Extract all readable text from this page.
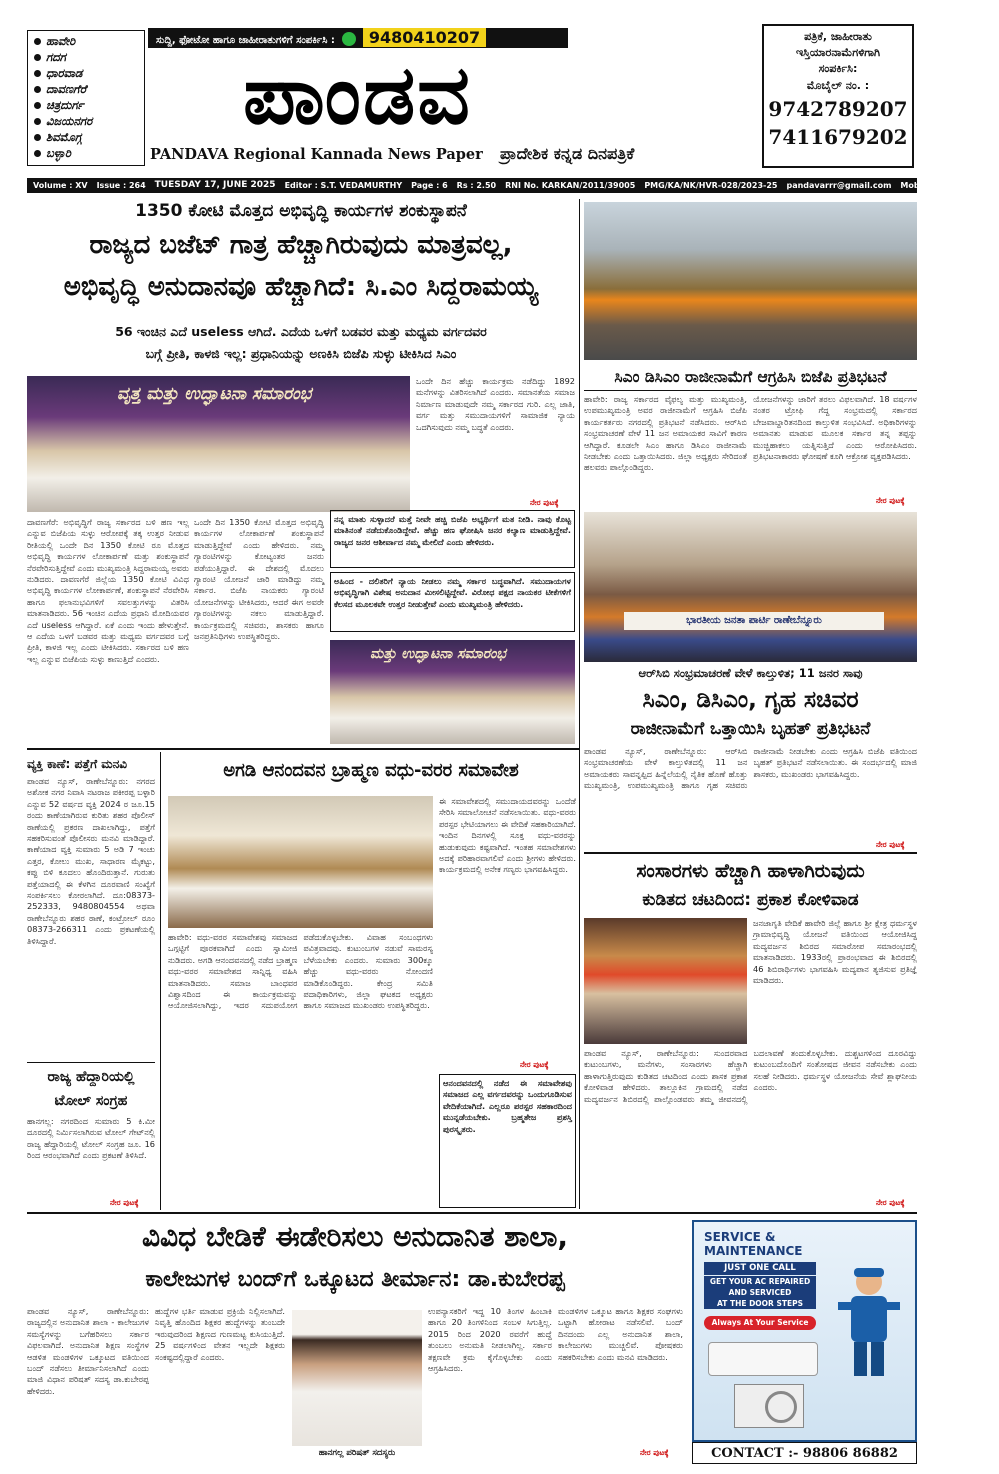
ಹಾವೇರಿ
ಗದಗ
ಧಾರವಾಡ
ದಾವಣಗೆರೆ
ಚಿತ್ರದುರ್ಗ
ವಿಜಯನಗರ
ಶಿವಮೊಗ್ಗ
ಬಳ್ಳಾರಿ
ಸುದ್ದಿ, ಫೋಟೋ ಹಾಗೂ ಜಾಹೀರಾತುಗಳಿಗೆ ಸಂಪರ್ಕಿಸಿ : 9480410207
ಪಾಂಡವ
PANDAVA Regional Kannada News Paper	ಪ್ರಾದೇಶಿಕ ಕನ್ನಡ ದಿನಪತ್ರಿಕೆ
ಪತ್ರಿಕೆ, ಜಾಹೀರಾತು
ಇಸ್ತಿಯಾರನಾಮೆಗಳಿಗಾಗಿ
ಸಂಪರ್ಕಿಸಿ:
ಮೊಬೈಲ್ ನಂ. :
9742789207
7411679202
Volume : XV Issue : 264 TUESDAY 17, JUNE 2025 Editor : S.T. VEDAMURTHY Page : 6 Rs : 2.50 RNI No. KARKAN/2011/39005 PMG/KA/NK/HVR-028/2023-25 pandavarrr@gmail.com Mob No.: 9742789207
1350 ಕೋಟಿ ಮೊತ್ತದ ಅಭಿವೃದ್ಧಿ ಕಾರ್ಯಗಳ ಶಂಕುಸ್ಥಾಪನೆ
ರಾಜ್ಯದ ಬಜೆಟ್ ಗಾತ್ರ ಹೆಚ್ಚಾಗಿರುವುದು ಮಾತ್ರವಲ್ಲ,
ಅಭಿವೃದ್ಧಿ ಅನುದಾನವೂ ಹೆಚ್ಚಾಗಿದೆ: ಸಿ.ಎಂ ಸಿದ್ದರಾಮಯ್ಯ
56 ಇಂಚಿನ ಎದೆ useless ಆಗಿದೆ. ಎದೆಯ ಒಳಗೆ ಬಡವರ ಮತ್ತು ಮಧ್ಯಮ ವರ್ಗದವರ
ಬಗ್ಗೆ ಪ್ರೀತಿ, ಕಾಳಜಿ ಇಲ್ಲ: ಪ್ರಧಾನಿಯನ್ನು ಅಣಕಿಸಿ ಬಿಜೆಪಿ ಸುಳ್ಳು ಟೀಕಿಸಿದ ಸಿಎಂ
ವೃತ್ತ ಮತ್ತು ಉದ್ಘಾಟನಾ ಸಮಾರಂಭ
ಒಂದೇ ದಿನ ಹೆಚ್ಚು ಕಾರ್ಯಕ್ರಮ ನಡೆದಿದ್ದು 1892 ಮನೆಗಳನ್ನು ವಿತರಿಸಲಾಗಿದೆ ಎಂದರು. ಸಮಾನತೆಯ ಸಮಾಜ ನಿರ್ಮಾಣ ಮಾಡುವುದೇ ನಮ್ಮ ಸರ್ಕಾರದ ಗುರಿ. ಎಲ್ಲ ಜಾತಿ, ವರ್ಗ ಮತ್ತು ಸಮುದಾಯಗಳಿಗೆ ಸಾಮಾಜಿಕ ನ್ಯಾಯ ಒದಗಿಸುವುದು ನಮ್ಮ ಬದ್ಧತೆ ಎಂದರು.
ನೇರ ಪುಟಕ್ಕೆ
ದಾವಣಗೆರೆ: ಅಭಿವೃದ್ಧಿಗೆ ರಾಜ್ಯ ಸರ್ಕಾರದ ಬಳಿ ಹಣ ಇಲ್ಲ ಎನ್ನುವ ಬಿಜೆಪಿಯ ಸುಳ್ಳು ಆರೋಪಕ್ಕೆ ತಕ್ಕ ಉತ್ತರ ನೀಡುವ ರೀತಿಯಲ್ಲಿ ಒಂದೇ ದಿನ 1350 ಕೋಟಿ ರೂ ಮೊತ್ತದ ಅಭಿವೃದ್ಧಿ ಕಾರ್ಯಗಳ ಲೋಕಾರ್ಪಣೆ ಮತ್ತು ಶಂಕುಸ್ಥಾಪನೆ ನೆರವೇರಿಸುತ್ತಿದ್ದೇವೆ ಎಂದು ಮುಖ್ಯಮಂತ್ರಿ ಸಿದ್ದರಾಮಯ್ಯ ಅವರು ನುಡಿದರು. ದಾವಣಗೆರೆ ಜಿಲ್ಲೆಯ 1350 ಕೋಟಿ ವಿವಿಧ ಅಭಿವೃದ್ಧಿ ಕಾರ್ಯಗಳ ಲೋಕಾರ್ಪಣೆ, ಶಂಕುಸ್ಥಾಪನೆ ನೆರವೇರಿಸಿ ಹಾಗೂ ಫಲಾನುಭವಿಗಳಿಗೆ ಸವಲತ್ತುಗಳನ್ನು ವಿತರಿಸಿ ಮಾತನಾಡಿದರು. 56 ಇಂಚಿನ ಎದೆಯ ಪ್ರಧಾನಿ ಮೋದಿಯವರ ಎದೆ useless ಆಗಿದ್ದಾರೆ. ಏಕೆ ಎಂದು ಇಂದು ಹೇಳುತ್ತೇನೆ. ಆ ಎದೆಯ ಒಳಗೆ ಬಡವರ ಮತ್ತು ಮಧ್ಯಮ ವರ್ಗದವರ ಬಗ್ಗೆ ಪ್ರೀತಿ, ಕಾಳಜಿ ಇಲ್ಲ ಎಂದು ಟೀಕಿಸಿದರು. ಸರ್ಕಾರದ ಬಳಿ ಹಣ ಇಲ್ಲ ಎನ್ನುವ ಬಿಜೆಪಿಯ ಸುಳ್ಳು ಕಾಣುತ್ತಿದೆ ಎಂದರು.
ಒಂದೇ ದಿನ 1350 ಕೋಟಿ ಮೊತ್ತದ ಅಭಿವೃದ್ಧಿ ಕಾರ್ಯಗಳ ಲೋಕಾರ್ಪಣೆ ಶಂಕುಸ್ಥಾಪನೆ ಮಾಡುತ್ತಿದ್ದೇವೆ ಎಂದು ಹೇಳಿದರು. ನಮ್ಮ ಗ್ಯಾರಂಟಿಗಳನ್ನು ಕೋಟ್ಯಂತರ ಜನರು ಪಡೆಯುತ್ತಿದ್ದಾರೆ. ಈ ದೇಶದಲ್ಲಿ ಮೊದಲು ಗ್ಯಾರಂಟಿ ಯೋಜನೆ ಜಾರಿ ಮಾಡಿದ್ದು ನಮ್ಮ ಸರ್ಕಾರ. ಬಿಜೆಪಿ ನಾಯಕರು ಗ್ಯಾರಂಟಿ ಯೋಜನೆಗಳನ್ನು ಟೀಕಿಸಿದರು, ಆದರೆ ಈಗ ಅವರೇ ಗ್ಯಾರಂಟಿಗಳನ್ನು ನಕಲು ಮಾಡುತ್ತಿದ್ದಾರೆ. ಕಾರ್ಯಕ್ರಮದಲ್ಲಿ ಸಚಿವರು, ಶಾಸಕರು ಹಾಗೂ ಜನಪ್ರತಿನಿಧಿಗಳು ಉಪಸ್ಥಿತರಿದ್ದರು.
ನನ್ನ ಮಾತು ಸುಳ್ಳಾದರೆ ಮತ್ತೆ ನೀವೇ ಹಚ್ಚಿ ಬಿಜೆಪಿ ಅಭ್ಯರ್ಥಿಗೆ ಮತ ನೀಡಿ. ನಾವು ಕೊಟ್ಟ ಮಾತಿನಂತೆ ನಡೆದುಕೊಂಡಿದ್ದೇವೆ. ಹೆಚ್ಚು ಹಣ ಘೋಷಿಸಿ ಜನರ ಕಲ್ಯಾಣ ಮಾಡುತ್ತಿದ್ದೇವೆ. ರಾಜ್ಯದ ಜನರ ಆಶೀರ್ವಾದ ನಮ್ಮ ಮೇಲಿದೆ ಎಂದು ಹೇಳಿದರು.
ಅಹಿಂದ - ದಲಿತರಿಗೆ ನ್ಯಾಯ ನೀಡಲು ನಮ್ಮ ಸರ್ಕಾರ ಬದ್ಧವಾಗಿದೆ. ಸಮುದಾಯಗಳ ಅಭಿವೃದ್ಧಿಗಾಗಿ ವಿಶೇಷ ಅನುದಾನ ಮೀಸಲಿಟ್ಟಿದ್ದೇವೆ. ವಿರೋಧ ಪಕ್ಷದ ನಾಯಕರ ಟೀಕೆಗಳಿಗೆ ಕೆಲಸದ ಮೂಲಕವೇ ಉತ್ತರ ನೀಡುತ್ತೇವೆ ಎಂದು ಮುಖ್ಯಮಂತ್ರಿ ಹೇಳಿದರು.
ಮತ್ತು ಉದ್ಘಾಟನಾ ಸಮಾರಂಭ
ಸಿಎಂ ಡಿಸಿಎಂ ರಾಜೀನಾಮೆಗೆ ಆಗ್ರಹಿಸಿ ಬಿಜೆಪಿ ಪ್ರತಿಭಟನೆ
ಹಾವೇರಿ: ರಾಜ್ಯ ಸರ್ಕಾರದ ವೈಫಲ್ಯ ಮತ್ತು ಮುಖ್ಯಮಂತ್ರಿ, ಉಪಮುಖ್ಯಮಂತ್ರಿ ಅವರ ರಾಜೀನಾಮೆಗೆ ಆಗ್ರಹಿಸಿ ಬಿಜೆಪಿ ಕಾರ್ಯಕರ್ತರು ನಗರದಲ್ಲಿ ಪ್ರತಿಭಟನೆ ನಡೆಸಿದರು. ಆರ್‌ಸಿಬಿ ಸಂಭ್ರಮಾಚರಣೆ ವೇಳೆ 11 ಜನ ಅಮಾಯಕರ ಸಾವಿಗೆ ಕಾರಣ ಆಗಿದ್ದಾರೆ. ಕೂಡಲೇ ಸಿಎಂ ಹಾಗೂ ಡಿಸಿಎಂ ರಾಜೀನಾಮೆ ನೀಡಬೇಕು ಎಂದು ಒತ್ತಾಯಿಸಿದರು. ಜಿಲ್ಲಾ ಅಧ್ಯಕ್ಷರು ಸೇರಿದಂತೆ ಹಲವರು ಪಾಲ್ಗೊಂಡಿದ್ದರು.
ಯೋಜನೆಗಳನ್ನು ಜಾರಿಗೆ ತರಲು ವಿಫಲವಾಗಿದೆ. 18 ವರ್ಷಗಳ ನಂತರ ಟ್ರೋಫಿ ಗೆದ್ದ ಸಂಭ್ರಮದಲ್ಲಿ ಸರ್ಕಾರದ ಬೇಜವಾಬ್ದಾರಿತನದಿಂದ ಕಾಲ್ತುಳಿತ ಸಂಭವಿಸಿದೆ. ಅಧಿಕಾರಿಗಳನ್ನು ಅಮಾನತು ಮಾಡುವ ಮೂಲಕ ಸರ್ಕಾರ ತನ್ನ ತಪ್ಪನ್ನು ಮುಚ್ಚಿಹಾಕಲು ಯತ್ನಿಸುತ್ತಿದೆ ಎಂದು ಆರೋಪಿಸಿದರು. ಪ್ರತಿಭಟನಾಕಾರರು ಘೋಷಣೆ ಕೂಗಿ ಆಕ್ರೋಶ ವ್ಯಕ್ತಪಡಿಸಿದರು.
ನೇರ ಪುಟಕ್ಕೆ
ಭಾರತೀಯ ಜನತಾ ಪಾರ್ಟಿ ರಾಣೇಬೆನ್ನೂರು
ಆರ್‌ಸಿಬಿ ಸಂಭ್ರಮಾಚರಣೆ ವೇಳೆ ಕಾಲ್ತುಳಿತ; 11 ಜನರ ಸಾವು
ಸಿಎಂ, ಡಿಸಿಎಂ, ಗೃಹ ಸಚಿವರ
ರಾಜೀನಾಮೆಗೆ ಒತ್ತಾಯಿಸಿ ಬೃಹತ್ ಪ್ರತಿಭಟನೆ
ಪಾಂಡವ ನ್ಯೂಸ್, ರಾಣೇಬೆನ್ನೂರು: ಆರ್‌ಸಿಬಿ ಸಂಭ್ರಮಾಚರಣೆಯ ವೇಳೆ ಕಾಲ್ತುಳಿತದಲ್ಲಿ 11 ಜನ ಅಮಾಯಕರು ಸಾವನ್ನಪ್ಪಿದ ಹಿನ್ನೆಲೆಯಲ್ಲಿ ನೈತಿಕ ಹೊಣೆ ಹೊತ್ತು ಮುಖ್ಯಮಂತ್ರಿ, ಉಪಮುಖ್ಯಮಂತ್ರಿ ಹಾಗೂ ಗೃಹ ಸಚಿವರು ರಾಜೀನಾಮೆ ನೀಡಬೇಕು ಎಂದು ಆಗ್ರಹಿಸಿ ಬಿಜೆಪಿ ವತಿಯಿಂದ ಬೃಹತ್ ಪ್ರತಿಭಟನೆ ನಡೆಸಲಾಯಿತು. ಈ ಸಂದರ್ಭದಲ್ಲಿ ಮಾಜಿ ಶಾಸಕರು, ಮುಖಂಡರು ಭಾಗವಹಿಸಿದ್ದರು.
ನೇರ ಪುಟಕ್ಕೆ
ವ್ಯಕ್ತಿ ಕಾಣೆ: ಪತ್ತೆಗೆ ಮನವಿ
ಪಾಂಡವ ನ್ಯೂಸ್, ರಾಣೇಬೆನ್ನೂರು: ನಗರದ ಅಶೋಕ ನಗರ ನಿವಾಸಿ ನಟರಾಜ ಪಕೀರಪ್ಪ ಬಳ್ಳಾರಿ ಎನ್ನುವ 52 ವರ್ಷದ ವ್ಯಕ್ತಿ 2024 ರ ಜೂ.15 ರಂದು ಕಾಣೆಯಾಗಿರುವ ಕುರಿತು ಶಹರ ಪೊಲೀಸ್ ಠಾಣೆಯಲ್ಲಿ ಪ್ರಕರಣ ದಾಖಲಾಗಿದ್ದು, ಪತ್ತೆಗೆ ಸಹಕರಿಸುವಂತೆ ಪೊಲೀಸರು ಮನವಿ ಮಾಡಿದ್ದಾರೆ. ಕಾಣೆಯಾದ ವ್ಯಕ್ತಿ ಸುಮಾರು 5 ಅಡಿ 7 ಇಂಚು ಎತ್ತರ, ಕೋಲು ಮುಖ, ಸಾಧಾರಣ ಮೈಕಟ್ಟು, ಕಪ್ಪು ಬಿಳಿ ಕೂದಲು ಹೊಂದಿರುತ್ತಾನೆ. ಗುರುತು ಪತ್ತೆಯಾದಲ್ಲಿ ಈ ಕೆಳಗಿನ ದೂರವಾಣಿ ಸಂಖ್ಯೆಗೆ ಸಂಪರ್ಕಿಸಲು ಕೋರಲಾಗಿದೆ. ದೂ:08373-252333, 9480804554 ಅಥವಾ ರಾಣೇಬೆನ್ನೂರು ಶಹರ ಠಾಣೆ, ಕಂಟ್ರೋಲ್ ರೂಂ 08373-266311 ಎಂದು ಪ್ರಕಟಣೆಯಲ್ಲಿ ತಿಳಿಸಿದ್ದಾರೆ.
ರಾಜ್ಯ ಹೆದ್ದಾರಿಯಲ್ಲಿ
ಟೋಲ್ ಸಂಗ್ರಹ
ಹಾನಗಲ್ಲ: ನಗರದಿಂದ ಸುಮಾರು 5 ಕಿ.ಮೀ ದೂರದಲ್ಲಿ ನಿರ್ಮಿಸಲಾಗಿರುವ ಟೋಲ್ ಗೇಟ್‌ನಲ್ಲಿ ರಾಜ್ಯ ಹೆದ್ದಾರಿಯಲ್ಲಿ ಟೋಲ್ ಸಂಗ್ರಹ ಜೂ. 16 ರಿಂದ ಆರಂಭವಾಗಿದೆ ಎಂದು ಪ್ರಕಟಣೆ ತಿಳಿಸಿದೆ.
ನೇರ ಪುಟಕ್ಕೆ
ಅಗಡಿ ಆನಂದವನ ಬ್ರಾಹ್ಮಣ ವಧು-ವರರ ಸಮಾವೇಶ
ಈ ಸಮಾವೇಶದಲ್ಲಿ ಸಮುದಾಯದವರನ್ನು ಒಂದೆಡೆ ಸೇರಿಸಿ ಸಮಾಲೋಚನೆ ನಡೆಸಲಾಯಿತು. ವಧು-ವರರು ಪರಸ್ಪರ ಭೇಟಿಯಾಗಲು ಈ ವೇದಿಕೆ ಸಹಕಾರಿಯಾಗಿದೆ. ಇಂದಿನ ದಿನಗಳಲ್ಲಿ ಸೂಕ್ತ ವಧು-ವರರನ್ನು ಹುಡುಕುವುದು ಕಷ್ಟವಾಗಿದೆ. ಇಂತಹ ಸಮಾವೇಶಗಳು ಅದಕ್ಕೆ ಪರಿಹಾರವಾಗಲಿವೆ ಎಂದು ಶ್ರೀಗಳು ಹೇಳಿದರು. ಕಾರ್ಯಕ್ರಮದಲ್ಲಿ ಅನೇಕ ಗಣ್ಯರು ಭಾಗವಹಿಸಿದ್ದರು.
ಹಾವೇರಿ: ವಧು-ವರರ ಸಮಾವೇಶವು ಸಮಾಜದ ಒಗ್ಗಟ್ಟಿಗೆ ಪೂರಕವಾಗಿದೆ ಎಂದು ಸ್ವಾಮೀಜಿ ನುಡಿದರು. ಅಗಡಿ ಆನಂದವನದಲ್ಲಿ ನಡೆದ ಬ್ರಾಹ್ಮಣ ವಧು-ವರರ ಸಮಾವೇಶದ ಸಾನ್ನಿಧ್ಯ ವಹಿಸಿ ಮಾತನಾಡಿದರು. ಸಮಾಜ ಬಾಂಧವರ ವಿಶ್ವಾಸದಿಂದ ಈ ಕಾರ್ಯಕ್ರಮವನ್ನು ಆಯೋಜಿಸಲಾಗಿದ್ದು, ಇದರ ಸದುಪಯೋಗ ಪಡೆದುಕೊಳ್ಳಬೇಕು. ವಿವಾಹ ಸಂಬಂಧಗಳು ಪವಿತ್ರವಾದವು. ಕುಟುಂಬಗಳ ನಡುವೆ ಸಾಮರಸ್ಯ ಬೆಳೆಯಬೇಕು ಎಂದರು. ಸುಮಾರು 300ಕ್ಕೂ ಹೆಚ್ಚು ವಧು-ವರರು ನೋಂದಣಿ ಮಾಡಿಕೊಂಡಿದ್ದರು. ಕೇಂದ್ರ ಸಮಿತಿ ಪದಾಧಿಕಾರಿಗಳು, ಜಿಲ್ಲಾ ಘಟಕದ ಅಧ್ಯಕ್ಷರು ಹಾಗೂ ಸಮಾಜದ ಮುಖಂಡರು ಉಪಸ್ಥಿತರಿದ್ದರು.
ಆನಂದವನದಲ್ಲಿ ನಡೆದ ಈ ಸಮಾವೇಶವು ಸಮಾಜದ ಎಲ್ಲ ವರ್ಗದವರನ್ನು ಒಂದುಗೂಡಿಸುವ ವೇದಿಕೆಯಾಗಿದೆ. ಎಲ್ಲರೂ ಪರಸ್ಪರ ಸಹಕಾರದಿಂದ ಮುನ್ನಡೆಯಬೇಕು. ಬ್ರಹ್ಮತೇಜ ಪ್ರಶಸ್ತಿ ಪುರಸ್ಕೃತರು.
ನೇರ ಪುಟಕ್ಕೆ
ಸಂಸಾರಗಳು ಹೆಚ್ಚಾಗಿ ಹಾಳಾಗಿರುವುದು
ಕುಡಿತದ ಚಟದಿಂದ: ಪ್ರಕಾಶ ಕೋಳಿವಾಡ
ಜನಜಾಗೃತಿ ವೇದಿಕೆ ಹಾವೇರಿ ಜಿಲ್ಲೆ ಹಾಗೂ ಶ್ರೀ ಕ್ಷೇತ್ರ ಧರ್ಮಸ್ಥಳ ಗ್ರಾಮಾಭಿವೃದ್ಧಿ ಯೋಜನೆ ವತಿಯಿಂದ ಆಯೋಜಿಸಿದ್ದ ಮದ್ಯವರ್ಜನ ಶಿಬಿರದ ಸಮಾರೋಪ ಸಮಾರಂಭದಲ್ಲಿ ಮಾತನಾಡಿದರು. 1933ರಲ್ಲಿ ಪ್ರಾರಂಭವಾದ ಈ ಶಿಬಿರದಲ್ಲಿ 46 ಶಿಬಿರಾರ್ಥಿಗಳು ಭಾಗವಹಿಸಿ ಮದ್ಯಪಾನ ತ್ಯಜಿಸುವ ಪ್ರತಿಜ್ಞೆ ಮಾಡಿದರು.
ಪಾಂಡವ ನ್ಯೂಸ್, ರಾಣೇಬೆನ್ನೂರು: ಸುಂದರವಾದ ಕುಟುಂಬಗಳು, ಮನೆಗಳು, ಸಂಸಾರಗಳು ಹೆಚ್ಚಾಗಿ ಹಾಳಾಗುತ್ತಿರುವುದು ಕುಡಿತದ ಚಟದಿಂದ ಎಂದು ಶಾಸಕ ಪ್ರಕಾಶ ಕೋಳಿವಾಡ ಹೇಳಿದರು. ತಾಲ್ಲೂಕಿನ ಗ್ರಾಮದಲ್ಲಿ ನಡೆದ ಮದ್ಯವರ್ಜನ ಶಿಬಿರದಲ್ಲಿ ಪಾಲ್ಗೊಂಡವರು ತಮ್ಮ ಜೀವನದಲ್ಲಿ ಬದಲಾವಣೆ ತಂದುಕೊಳ್ಳಬೇಕು. ದುಶ್ಚಟಗಳಿಂದ ದೂರವಿದ್ದು ಕುಟುಂಬದೊಂದಿಗೆ ಸಂತೋಷದ ಜೀವನ ನಡೆಸಬೇಕು ಎಂದು ಸಲಹೆ ನೀಡಿದರು. ಧರ್ಮಸ್ಥಳ ಯೋಜನೆಯ ಸೇವೆ ಶ್ಲಾಘನೀಯ ಎಂದರು.
ನೇರ ಪುಟಕ್ಕೆ
ವಿವಿಧ ಬೇಡಿಕೆ ಈಡೇರಿಸಲು ಅನುದಾನಿತ ಶಾಲಾ,
ಕಾಲೇಜುಗಳ ಬಂದ್‌ಗೆ ಒಕ್ಕೂಟದ ತೀರ್ಮಾನ: ಡಾ.ಕುಬೇರಪ್ಪ
ಪಾಂಡವ ನ್ಯೂಸ್, ರಾಣೇಬೆನ್ನೂರು: ರಾಜ್ಯದಲ್ಲಿನ ಅನುದಾನಿತ ಶಾಲಾ - ಕಾಲೇಜುಗಳ ಸಮಸ್ಯೆಗಳನ್ನು ಬಗೆಹರಿಸಲು ಸರ್ಕಾರ ವಿಫಲವಾಗಿದೆ. ಅನುದಾನಿತ ಶಿಕ್ಷಣ ಸಂಸ್ಥೆಗಳ ಆಡಳಿತ ಮಂಡಳಿಗಳ ಒಕ್ಕೂಟದ ವತಿಯಿಂದ ಬಂದ್ ನಡೆಸಲು ತೀರ್ಮಾನಿಸಲಾಗಿದೆ ಎಂದು ಮಾಜಿ ವಿಧಾನ ಪರಿಷತ್ ಸದಸ್ಯ ಡಾ.ಕುಬೇರಪ್ಪ ಹೇಳಿದರು.
ಹುದ್ದೆಗಳ ಭರ್ತಿ ಮಾಡುವ ಪ್ರಕ್ರಿಯೆ ನಿಲ್ಲಿಸಲಾಗಿದೆ. ನಿವೃತ್ತಿ ಹೊಂದಿದ ಶಿಕ್ಷಕರ ಹುದ್ದೆಗಳನ್ನು ತುಂಬದೇ ಇರುವುದರಿಂದ ಶಿಕ್ಷಣದ ಗುಣಮಟ್ಟ ಕುಸಿಯುತ್ತಿದೆ. 25 ವರ್ಷಗಳಿಂದ ವೇತನ ಇಲ್ಲದೇ ಶಿಕ್ಷಕರು ಸಂಕಷ್ಟದಲ್ಲಿದ್ದಾರೆ ಎಂದರು.
ಹಾನಗಲ್ಲ ಪರಿಷತ್ ಸದಸ್ಯರು
ಉಪನ್ಯಾಸಕರಿಗೆ ಇದ್ದ 10 ತಿಂಗಳ ಹಿಂಬಾಕಿ ಹಾಗೂ 20 ತಿಂಗಳಿನಿಂದ ಸಂಬಳ ಸಿಗುತ್ತಿಲ್ಲ. 2015 ರಿಂದ 2020 ರವರೆಗೆ ಹುದ್ದೆ ತುಂಬಲು ಅನುಮತಿ ನೀಡಲಾಗಿಲ್ಲ. ಸರ್ಕಾರ ತಕ್ಷಣವೇ ಕ್ರಮ ಕೈಗೊಳ್ಳಬೇಕು ಎಂದು ಆಗ್ರಹಿಸಿದರು.
ಮಂಡಳಿಗಳ ಒಕ್ಕೂಟ ಹಾಗೂ ಶಿಕ್ಷಕರ ಸಂಘಗಳು ಒಟ್ಟಾಗಿ ಹೋರಾಟ ನಡೆಸಲಿವೆ. ಬಂದ್ ದಿನದಂದು ಎಲ್ಲ ಅನುದಾನಿತ ಶಾಲಾ, ಕಾಲೇಜುಗಳು ಮುಚ್ಚಲಿವೆ. ಪೋಷಕರು ಸಹಕರಿಸಬೇಕು ಎಂದು ಮನವಿ ಮಾಡಿದರು.
ನೇರ ಪುಟಕ್ಕೆ
SERVICE &
MAINTENANCE
JUST ONE CALL
GET YOUR AC REPAIRED
AND SERVICED
AT THE DOOR STEPS
Always At Your Service
CONTACT :- 98806 86882
